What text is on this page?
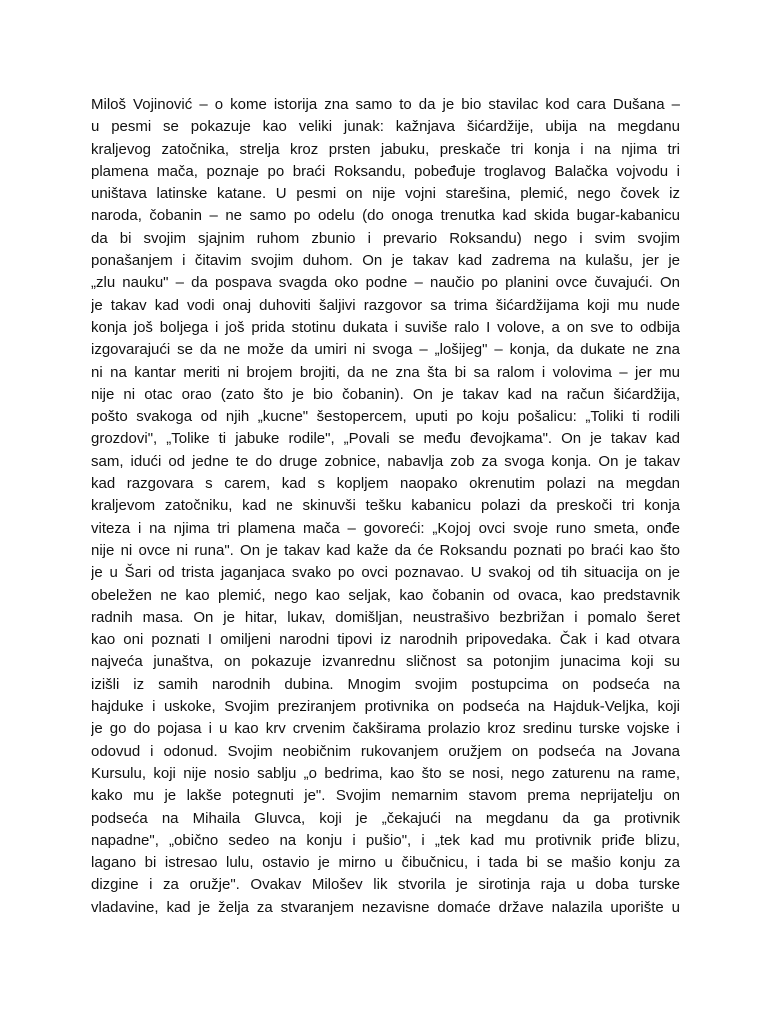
Miloš Vojinović – o kome istorija zna samo to da je bio stavilac kod cara Dušana –
u pesmi se pokazuje kao veliki junak: kažnjava šićardžije, ubija na megdanu
kraljevog zatočnika, strelja kroz prsten jabuku, preskače tri konja i na njima tri
plamena mača, poznaje po braći Roksandu, pobeđuje troglavog Balačka vojvodu i
uništava latinske katane. U pesmi on nije vojni starešina, plemić, nego čovek iz
naroda, čobanin – ne samo po odelu (do onoga trenutka kad skida bugar-kabanicu
da bi svojim sjajnim ruhom zbunio i prevario Roksandu) nego i svim svojim
ponašanjem i čitavim svojim duhom. On je takav kad zadrema na kulašu, jer je
„zlu nauku" – da pospava svagda oko podne – naučio po planini ovce čuvajući. On
je takav kad vodi onaj duhoviti šaljivi razgovor sa trima šićardžijama koji mu nude
konja još boljega i još prida stotinu dukata i suviše ralo I volove, a on sve to odbija
izgovarajući se da ne može da umiri ni svoga – „lošijeg" – konja, da dukate ne zna
ni na kantar meriti ni brojem brojiti, da ne zna šta bi sa ralom i volovima – jer mu
nije ni otac orao (zato što je bio čobanin). On je takav kad na račun šićardžija,
pošto svakoga od njih „kucne" šestopercem, uputi po koju pošalicu: „Toliki ti rodili
grozdovi", „Tolike ti jabuke rodile", „Povali se među đevojkama". On je takav kad
sam, idući od jedne te do druge zobnice, nabavlja zob za svoga konja. On je takav
kad razgovara s carem, kad s kopljem naopako okrenutim polazi na megdan
kraljevom zatočniku, kad ne skinuvši tešku kabanicu polazi da preskoči tri konja
viteza i na njima tri plamena mača – govoreći: „Kojoj ovci svoje runo smeta, onđe
nije ni ovce ni runa". On je takav kad kaže da će Roksandu poznati po braći kao što
je u Šari od trista jaganjaca svako po ovci poznavao. U svakoj od tih situacija on je
obeležen ne kao plemić, nego kao seljak, kao čobanin od ovaca, kao predstavnik
radnih masa. On je hitar, lukav, domišljan, neustrašivo bezbrižan i pomalo šeret
kao oni poznati I omiljeni narodni tipovi iz narodnih pripovedaka. Čak i kad otvara
najveća junaštva, on pokazuje izvanrednu sličnost sa potonjim junacima koji su
izišli iz samih narodnih dubina. Mnogim svojim postupcima on podseća na
hajduke i uskoke, Svojim preziranjem protivnika on podseća na Hajduk-Veljka, koji
je go do pojasa i u kao krv crvenim čakširama prolazio kroz sredinu turske vojske i
odovud i odonud. Svojim neobičnim rukovanjem oružjem on podseća na Jovana
Kursulu, koji nije nosio sablju „o bedrima, kao što se nosi, nego zaturenu na rame,
kako mu je lakše potegnuti je". Svojim nemarnim stavom prema neprijatelju on
podseća na Mihaila Gluvca, koji je „čekajući na megdanu da ga protivnik
napadne", „obično sedeo na konju i pušio", i „tek kad mu protivnik priđe blizu,
lagano bi istresao lulu, ostavio je mirno u čibučnicu, i tada bi se mašio konju za
dizgine i za oružje". Ovakav Milošev lik stvorila je sirotinja raja u doba turske
vladavine, kad je želja za stvaranjem nezavisne domaće države nalazila uporište u
